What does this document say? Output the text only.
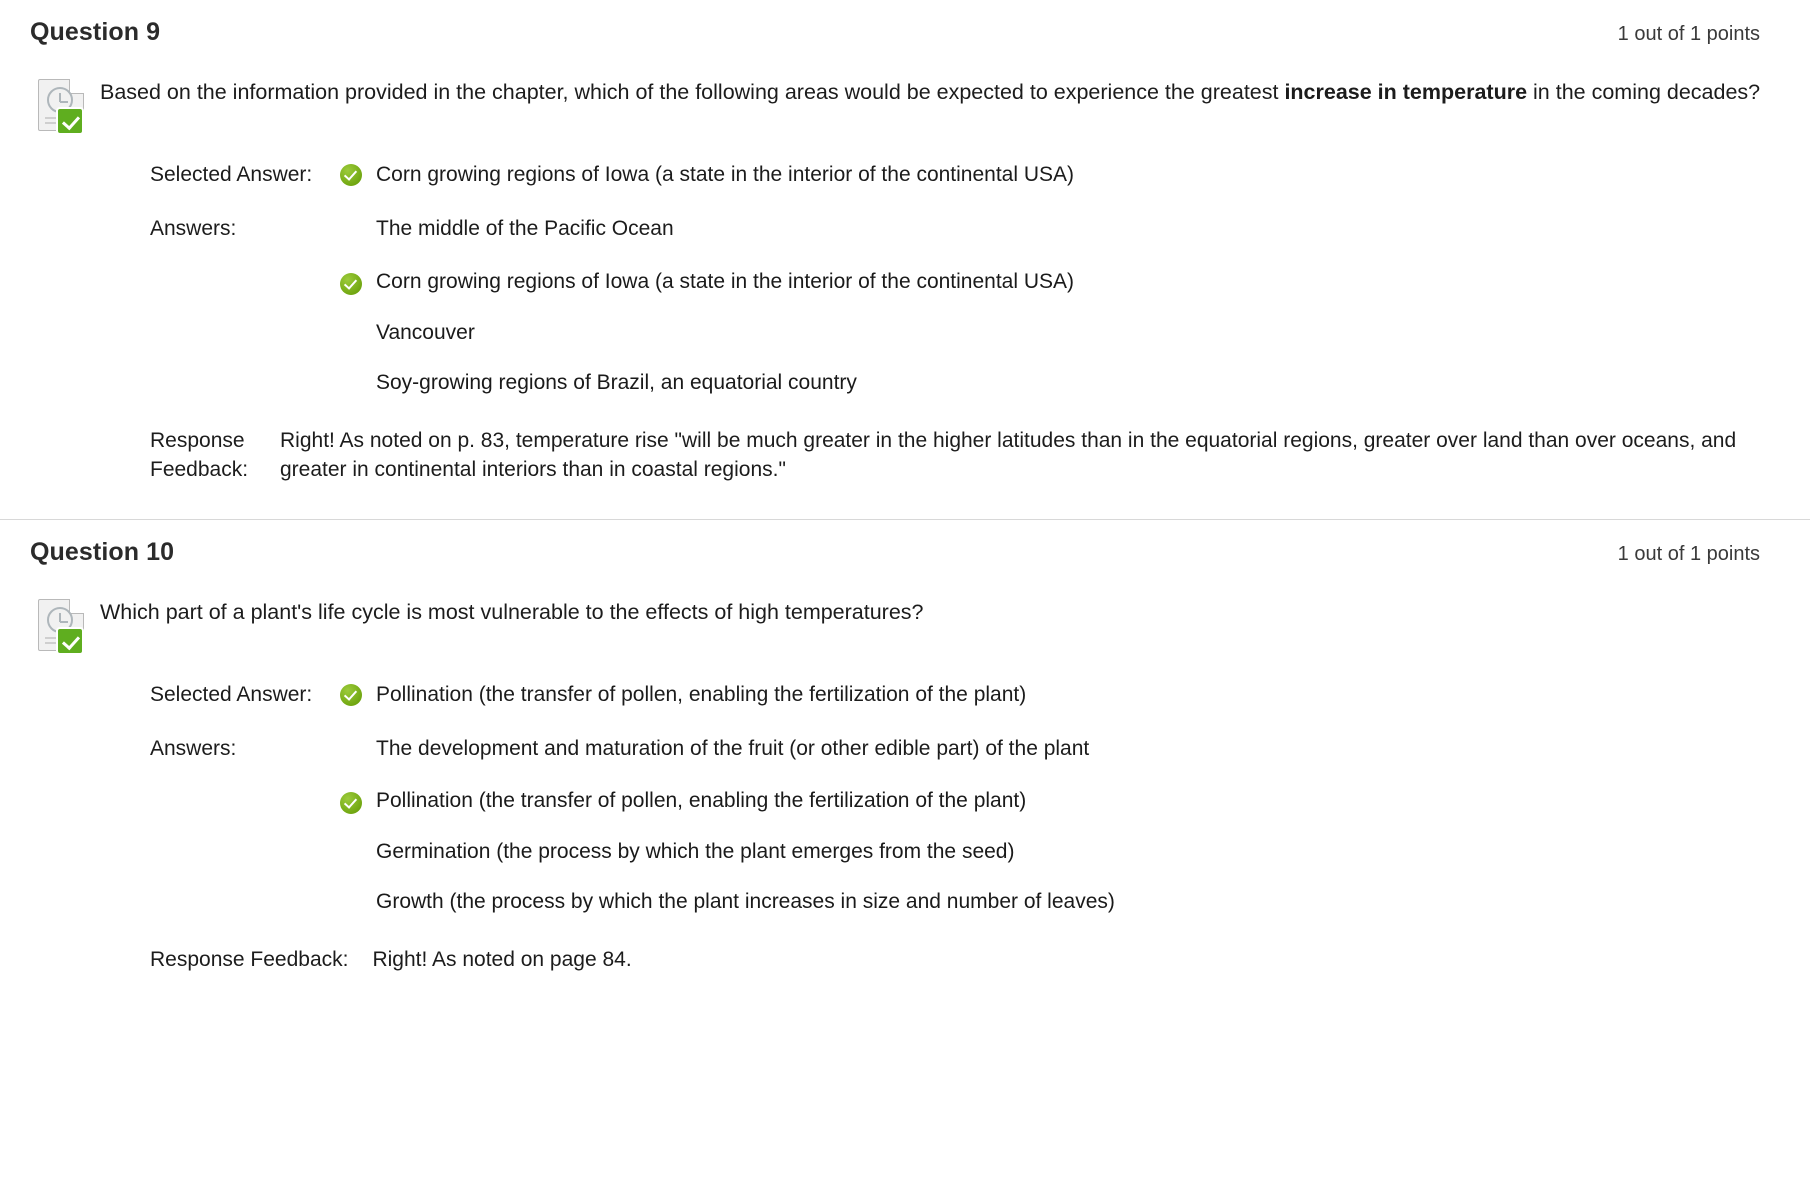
Question 9	1 out of 1 points
Based on the information provided in the chapter, which of the following areas would be expected to experience the greatest increase in temperature in the coming decades?
Selected Answer:	Corn growing regions of Iowa (a state in the interior of the continental USA)
Answers:	The middle of the Pacific Ocean
Corn growing regions of Iowa (a state in the interior of the continental USA)
Vancouver
Soy-growing regions of Brazil, an equatorial country
Response
Feedback:
Right! As noted on p. 83, temperature rise "will be much greater in the higher latitudes than in the equatorial regions, greater over land than over oceans, and greater in continental interiors than in coastal regions."
Question 10	1 out of 1 points
Which part of a plant's life cycle is most vulnerable to the effects of high temperatures?
Selected Answer:	Pollination (the transfer of pollen, enabling the fertilization of the plant)
Answers:	The development and maturation of the fruit (or other edible part) of the plant
Pollination (the transfer of pollen, enabling the fertilization of the plant)
Germination (the process by which the plant emerges from the seed)
Growth (the process by which the plant increases in size and number of leaves)
Response Feedback: Right! As noted on page 84.
